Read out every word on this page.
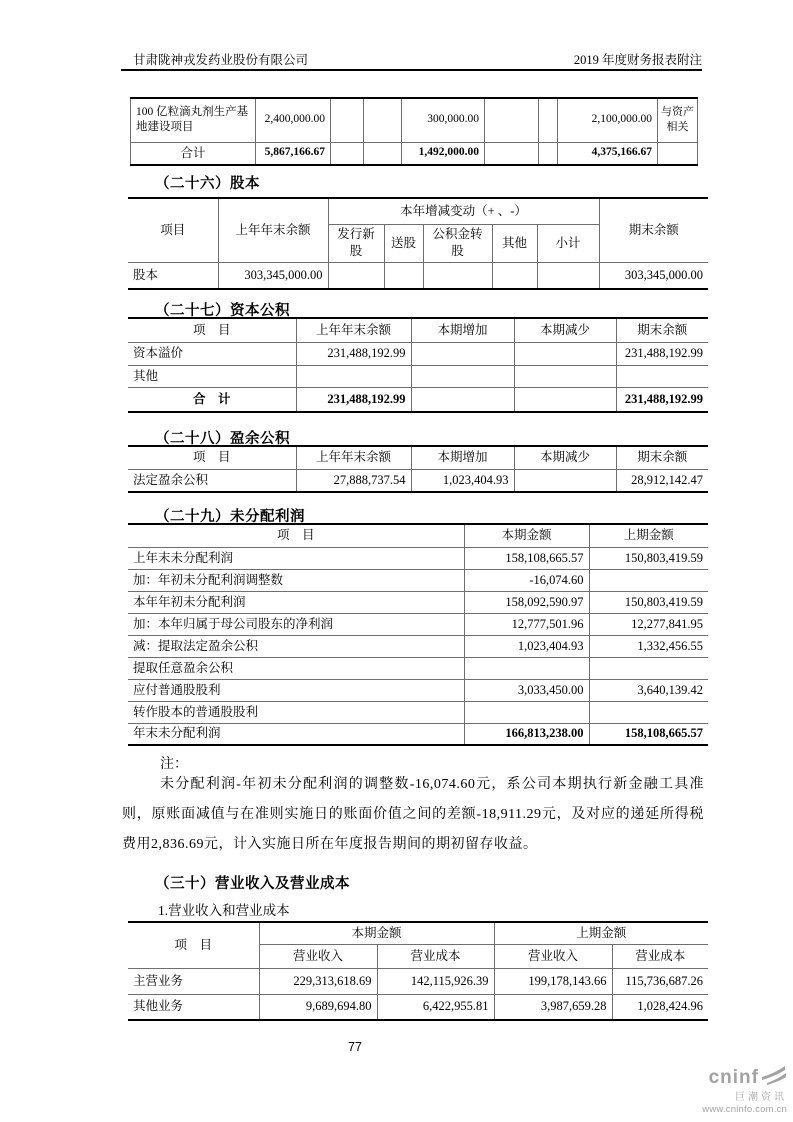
甘肃陇神戎发药业股份有限公司	2019 年度财务报表附注
100 亿粒滴丸剂生产基地建设项目	2,400,000.00			300,000.00			2,100,000.00	与资产相关
合计	5,867,166.67			1,492,000.00			4,375,166.67	
（二十六）股本
项目	上年年末余额	本年增减变动（+ 、-）					期末余额
		发行新股	送股	公积金转股	其他	小计	
股本	303,345,000.00						303,345,000.00
（二十七）资本公积
项　目	上年年末余额	本期增加	本期减少	期末余额
资本溢价	231,488,192.99			231,488,192.99
其他				
合　计	231,488,192.99			231,488,192.99
（二十八）盈余公积
项　目	上年年末余额	本期增加	本期减少	期末余额
法定盈余公积	27,888,737.54	1,023,404.93		28,912,142.47
（二十九）未分配利润
项　目	本期金额	上期金额
上年末未分配利润	158,108,665.57	150,803,419.59
加：年初未分配利润调整数	-16,074.60	
本年年初未分配利润	158,092,590.97	150,803,419.59
加：本年归属于母公司股东的净利润	12,777,501.96	12,277,841.95
减：提取法定盈余公积	1,023,404.93	1,332,456.55
提取任意盈余公积		
应付普通股股利	3,033,450.00	3,640,139.42
转作股本的普通股股利		
年末未分配利润	166,813,238.00	158,108,665.57
注：
未分配利润-年初未分配利润的调整数-16,074.60元，系公司本期执行新金融工具准则，原账面减值与在准则实施日的账面价值之间的差额-18,911.29元，及对应的递延所得税费用2,836.69元，计入实施日所在年度报告期间的期初留存收益。
（三十）营业收入及营业成本
1.营业收入和营业成本
项　目	本期金额		上期金额	
	营业收入	营业成本	营业收入	营业成本
主营业务	229,313,618.69	142,115,926.39	199,178,143.66	115,736,687.26
其他业务	9,689,694.80	6,422,955.81	3,987,659.28	1,028,424.96
77
cninf
巨潮资讯
www.cninfo.com.cn
